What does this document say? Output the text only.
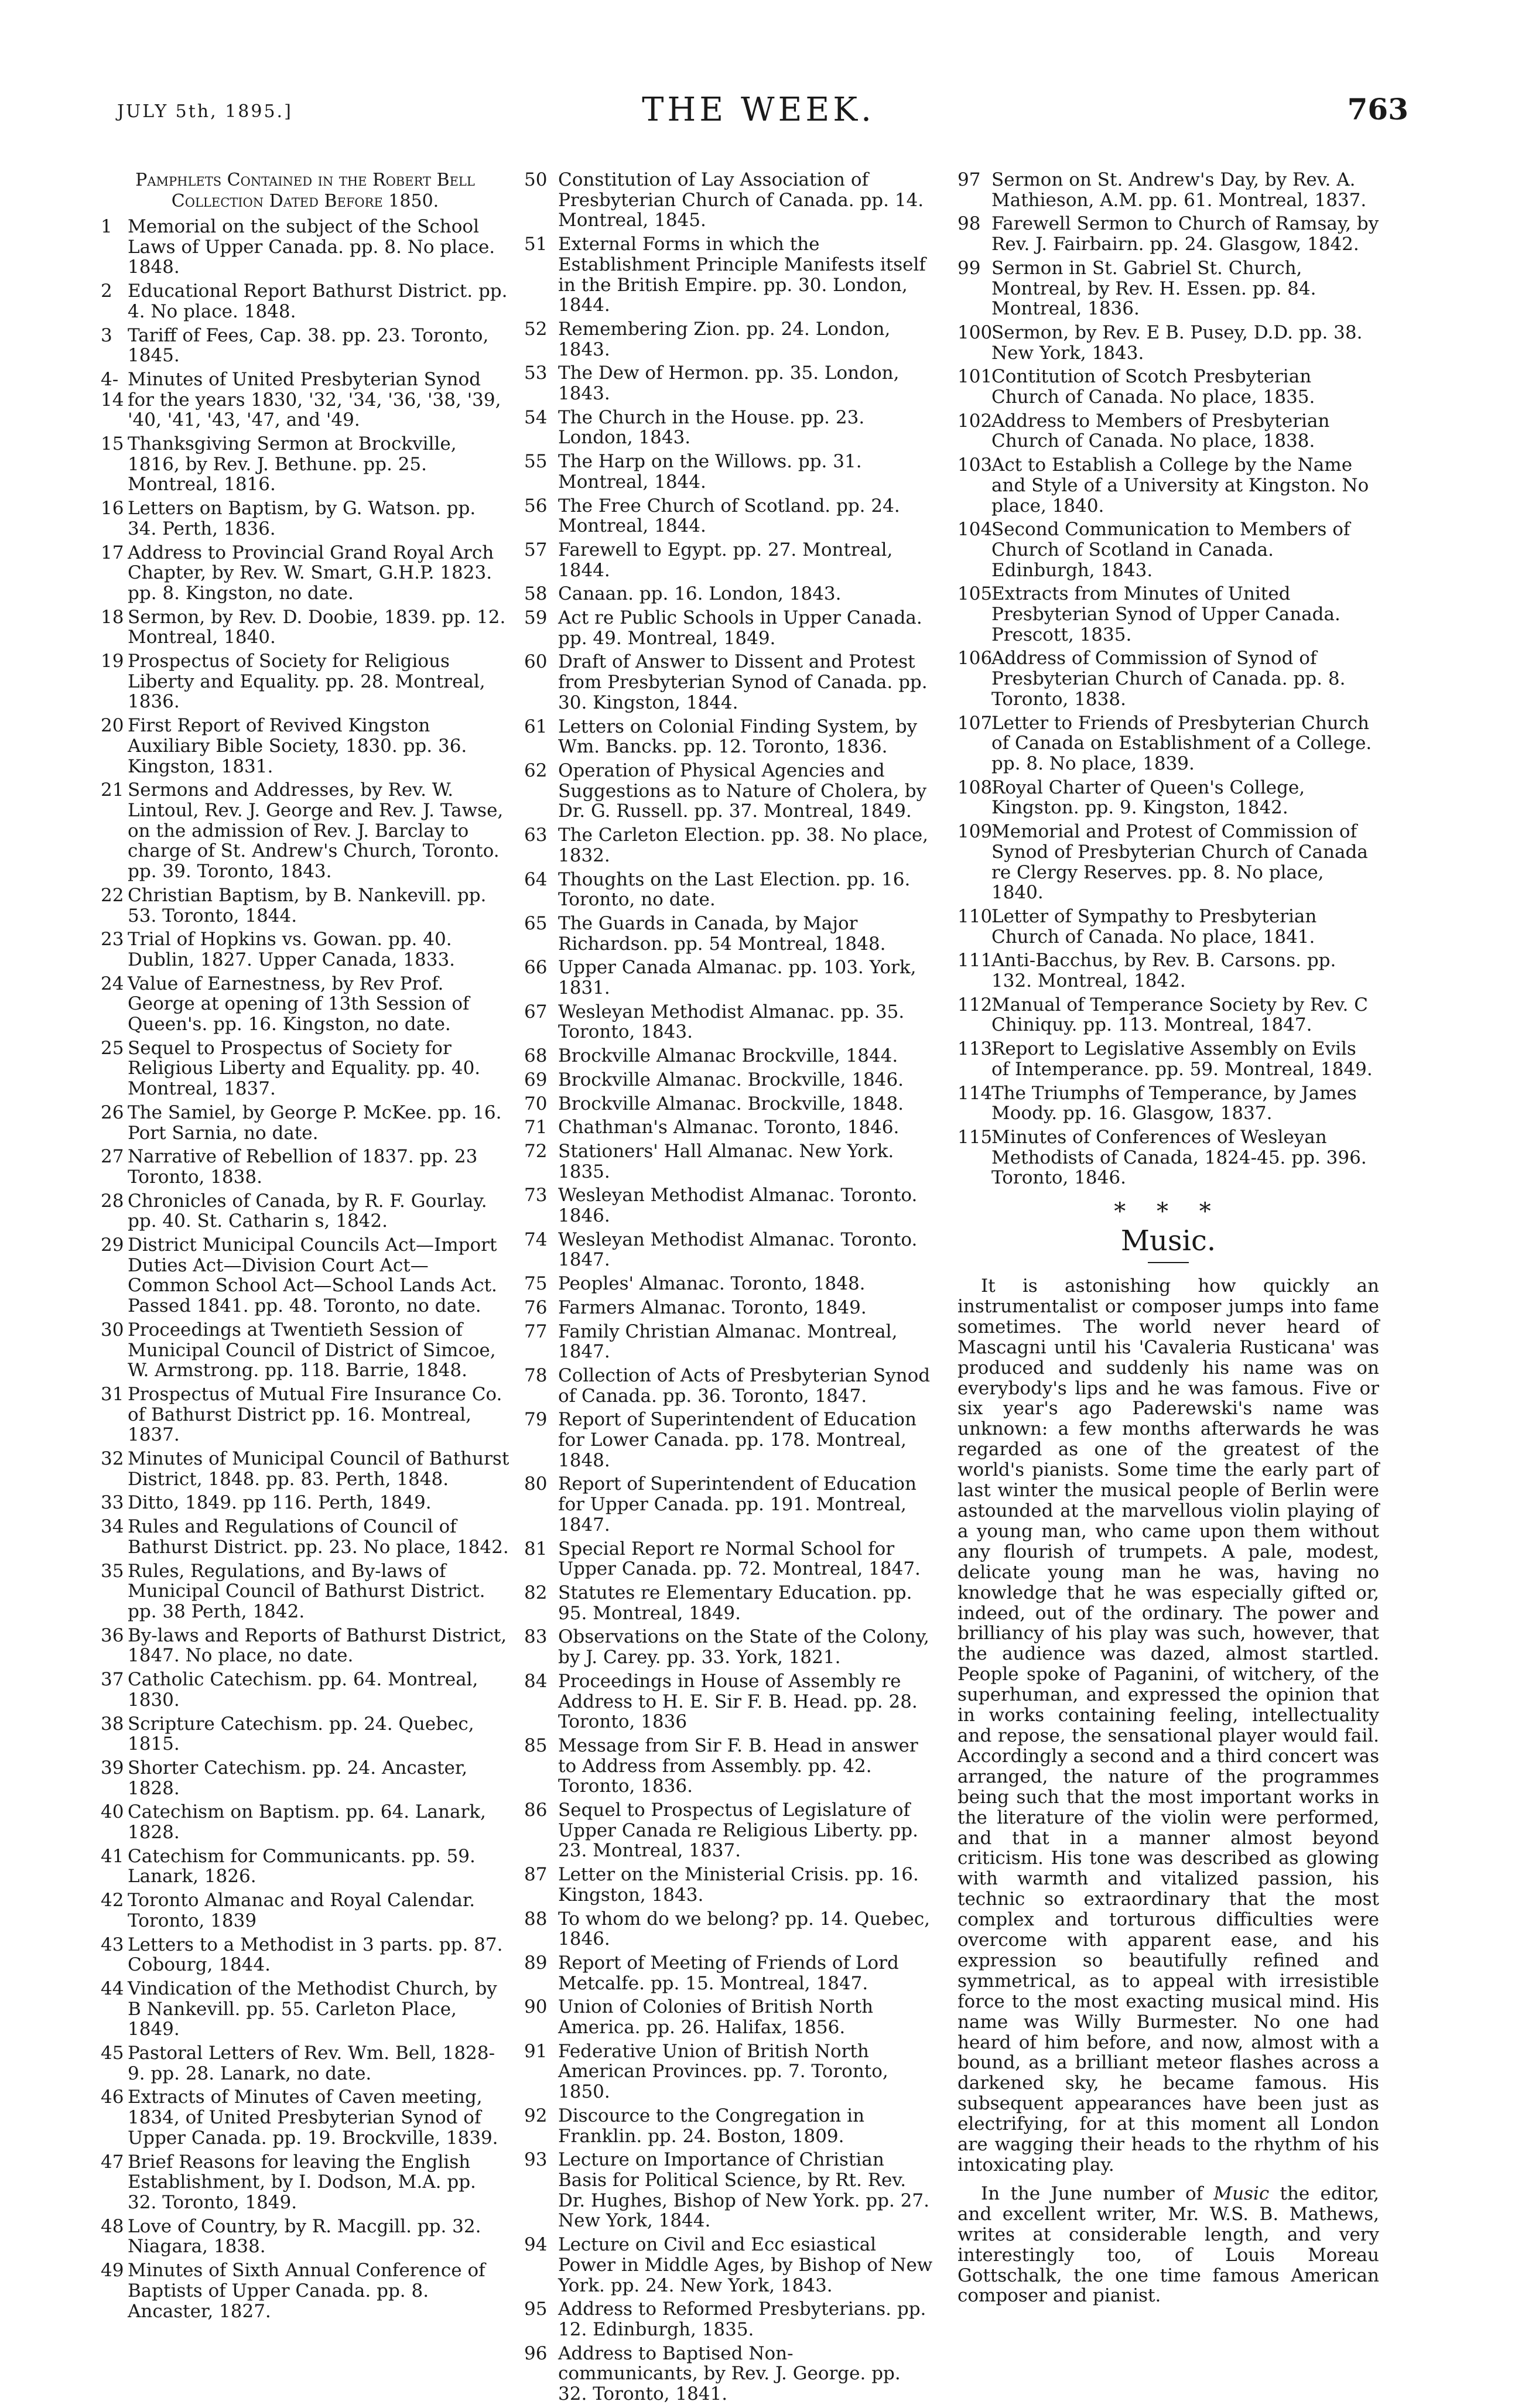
JULY 5th, 1895.]	THE WEEK.	763
Pamphlets Contained in the Robert Bell
Collection Dated Before 1850.
1 Memorial on the subject of the School Laws of Upper Canada. pp. 8. No place. 1848.
2 Educational Report Bathurst District. pp. 4. No place. 1848.
3 Tariff of Fees, Cap. 38. pp. 23. Toronto, 1845.
4-14
Minutes of United Presbyterian Synod for the years 1830, '32, '34, '36, '38, '39, '40, '41, '43, '47, and '49.
15 Thanksgiving Sermon at Brockville, 1816, by Rev. J. Bethune. pp. 25. Montreal, 1816.
16 Letters on Baptism, by G. Watson. pp. 34. Perth, 1836.
17 Address to Provincial Grand Royal Arch Chapter, by Rev. W. Smart, G.H.P. 1823. pp. 8. Kingston, no date.
18 Sermon, by Rev. D. Doobie, 1839. pp. 12. Montreal, 1840.
19 Prospectus of Society for Religious Liberty and Equality. pp. 28. Montreal, 1836.
20 First Report of Revived Kingston Auxiliary Bible Society, 1830. pp. 36. Kingston, 1831.
21 Sermons and Addresses, by Rev. W. Lintoul, Rev. J. George and Rev. J. Tawse, on the admission of Rev. J. Barclay to charge of St. Andrew's Church, Toronto. pp. 39. Toronto, 1843.
22 Christian Baptism, by B. Nankevill. pp. 53. Toronto, 1844.
23 Trial of Hopkins vs. Gowan. pp. 40. Dublin, 1827. Upper Canada, 1833.
24 Value of Earnestness, by Rev Prof. George at opening of 13th Session of Queen's. pp. 16. Kingston, no date.
25 Sequel to Prospectus of Society for Religious Liberty and Equality. pp. 40. Montreal, 1837.
26 The Samiel, by George P. McKee. pp. 16. Port Sarnia, no date.
27 Narrative of Rebellion of 1837. pp. 23 Toronto, 1838.
28 Chronicles of Canada, by R. F. Gourlay. pp. 40. St. Catharin s, 1842.
29 District Municipal Councils Act—Import Duties Act—Division Court Act—Common School Act—School Lands Act. Passed 1841. pp. 48. Toronto, no date.
30 Proceedings at Twentieth Session of Municipal Council of District of Simcoe, W. Armstrong. pp. 118. Barrie, 1848.
31 Prospectus of Mutual Fire Insurance Co. of Bathurst District pp. 16. Montreal, 1837.
32 Minutes of Municipal Council of Bathurst District, 1848. pp. 83. Perth, 1848.
33 Ditto, 1849. pp 116. Perth, 1849.
34 Rules and Regulations of Council of Bathurst District. pp. 23. No place, 1842.
35 Rules, Regulations, and By-laws of Municipal Council of Bathurst District. pp. 38 Perth, 1842.
36 By-laws and Reports of Bathurst District, 1847. No place, no date.
37 Catholic Catechism. pp. 64. Montreal, 1830.
38 Scripture Catechism. pp. 24. Quebec, 1815.
39 Shorter Catechism. pp. 24. Ancaster, 1828.
40 Catechism on Baptism. pp. 64. Lanark, 1828.
41 Catechism for Communicants. pp. 59. Lanark, 1826.
42 Toronto Almanac and Royal Calendar. Toronto, 1839
43 Letters to a Methodist in 3 parts. pp. 87. Cobourg, 1844.
44 Vindication of the Methodist Church, by B Nankevill. pp. 55. Carleton Place, 1849.
45 Pastoral Letters of Rev. Wm. Bell, 1828-9. pp. 28. Lanark, no date.
46 Extracts of Minutes of Caven meeting, 1834, of United Presbyterian Synod of Upper Canada. pp. 19. Brockville, 1839.
47 Brief Reasons for leaving the English Establishment, by I. Dodson, M.A. pp. 32. Toronto, 1849.
48 Love of Country, by R. Macgill. pp. 32. Niagara, 1838.
49 Minutes of Sixth Annual Conference of Baptists of Upper Canada. pp. 8. Ancaster, 1827.
50 Constitution of Lay Association of Presbyterian Church of Canada. pp. 14. Montreal, 1845.
51 External Forms in which the Establishment Principle Manifests itself in the British Empire. pp. 30. London, 1844.
52 Remembering Zion. pp. 24. London, 1843.
53 The Dew of Hermon. pp. 35. London, 1843.
54 The Church in the House. pp. 23. London, 1843.
55 The Harp on the Willows. pp. 31. Montreal, 1844.
56 The Free Church of Scotland. pp. 24. Montreal, 1844.
57 Farewell to Egypt. pp. 27. Montreal, 1844.
58 Canaan. pp. 16. London, 1843.
59 Act re Public Schools in Upper Canada. pp. 49. Montreal, 1849.
60 Draft of Answer to Dissent and Protest from Presbyterian Synod of Canada. pp. 30. Kingston, 1844.
61 Letters on Colonial Finding System, by Wm. Bancks. pp. 12. Toronto, 1836.
62 Operation of Physical Agencies and Suggestions as to Nature of Cholera, by Dr. G. Russell. pp. 37. Montreal, 1849.
63 The Carleton Election. pp. 38. No place, 1832.
64 Thoughts on the Last Election. pp. 16. Toronto, no date.
65 The Guards in Canada, by Major Richardson. pp. 54 Montreal, 1848.
66 Upper Canada Almanac. pp. 103. York, 1831.
67 Wesleyan Methodist Almanac. pp. 35. Toronto, 1843.
68 Brockville Almanac Brockville, 1844.
69 Brockville Almanac. Brockville, 1846.
70 Brockville Almanac. Brockville, 1848.
71 Chathman's Almanac. Toronto, 1846.
72 Stationers' Hall Almanac. New York. 1835.
73 Wesleyan Methodist Almanac. Toronto. 1846.
74 Wesleyan Methodist Almanac. Toronto. 1847.
75 Peoples' Almanac. Toronto, 1848.
76 Farmers Almanac. Toronto, 1849.
77 Family Christian Almanac. Montreal, 1847.
78 Collection of Acts of Presbyterian Synod of Canada. pp. 36. Toronto, 1847.
79 Report of Superintendent of Education for Lower Canada. pp. 178. Montreal, 1848.
80 Report of Superintendent of Education for Upper Canada. pp. 191. Montreal, 1847.
81 Special Report re Normal School for Upper Canada. pp. 72. Montreal, 1847.
82 Statutes re Elementary Education. pp. 95. Montreal, 1849.
83 Observations on the State of the Colony, by J. Carey. pp. 33. York, 1821.
84 Proceedings in House of Assembly re Address to H. E. Sir F. B. Head. pp. 28. Toronto, 1836
85 Message from Sir F. B. Head in answer to Address from Assembly. pp. 42. Toronto, 1836.
86 Sequel to Prospectus of Legislature of Upper Canada re Religious Liberty. pp. 23. Montreal, 1837.
87 Letter on the Ministerial Crisis. pp. 16. Kingston, 1843.
88 To whom do we belong? pp. 14. Quebec, 1846.
89 Report of Meeting of Friends of Lord Metcalfe. pp. 15. Montreal, 1847.
90 Union of Colonies of British North America. pp. 26. Halifax, 1856.
91 Federative Union of British North American Provinces. pp. 7. Toronto, 1850.
92 Discource to the Congregation in Franklin. pp. 24. Boston, 1809.
93 Lecture on Importance of Christian Basis for Political Science, by Rt. Rev. Dr. Hughes, Bishop of New York. pp. 27. New York, 1844.
94 Lecture on Civil and Ecc esiastical Power in Middle Ages, by Bishop of New York. pp. 24. New York, 1843.
95 Address to Reformed Presbyterians. pp. 12. Edinburgh, 1835.
96 Address to Baptised Non-communicants, by Rev. J. George. pp. 32. Toronto, 1841.
97 Sermon on St. Andrew's Day, by Rev. A. Mathieson, A.M. pp. 61. Montreal, 1837.
98 Farewell Sermon to Church of Ramsay, by Rev. J. Fairbairn. pp. 24. Glasgow, 1842.
99 Sermon in St. Gabriel St. Church, Montreal, by Rev. H. Essen. pp. 84. Montreal, 1836.
100
Sermon, by Rev. E B. Pusey, D.D. pp. 38. New York, 1843.
101
Contitution of Scotch Presbyterian Church of Canada. No place, 1835.
102
Address to Members of Presbyterian Church of Canada. No place, 1838.
103
Act to Establish a College by the Name and Style of a University at Kingston. No place, 1840.
104
Second Communication to Members of Church of Scotland in Canada. Edinburgh, 1843.
105
Extracts from Minutes of United Presbyterian Synod of Upper Canada. Prescott, 1835.
106
Address of Commission of Synod of Presbyterian Church of Canada. pp. 8. Toronto, 1838.
107
Letter to Friends of Presbyterian Church of Canada on Establishment of a College. pp. 8. No place, 1839.
108
Royal Charter of Queen's College, Kingston. pp. 9. Kingston, 1842.
109
Memorial and Protest of Commission of Synod of Presbyterian Church of Canada re Clergy Reserves. pp. 8. No place, 1840.
110
Letter of Sympathy to Presbyterian Church of Canada. No place, 1841.
111
Anti-Bacchus, by Rev. B. Carsons. pp. 132. Montreal, 1842.
112
Manual of Temperance Society by Rev. C Chiniquy. pp. 113. Montreal, 1847.
113
Report to Legislative Assembly on Evils of Intemperance. pp. 59. Montreal, 1849.
114
The Triumphs of Temperance, by James Moody. pp. 16. Glasgow, 1837.
115
Minutes of Conferences of Wesleyan Methodists of Canada, 1824-45. pp. 396. Toronto, 1846.
* * *
Music.

It is astonishing how quickly an instrumentalist or composer jumps into fame sometimes. The world never heard of Mascagni until his 'Cavaleria Rusticana' was produced and suddenly his name was on everybody's lips and he was famous. Five or six year's ago Paderewski's name was unknown: a few months afterwards he was regarded as one of the greatest of the world's pianists. Some time the early part of last winter the musical people of Berlin were astounded at the marvellous violin playing of a young man, who came upon them without any flourish of trumpets. A pale, modest, delicate young man he was, having no knowledge that he was especially gifted or, indeed, out of the ordinary. The power and brilliancy of his play was such, however, that the audience was dazed, almost startled. People spoke of Paganini, of witchery, of the superhuman, and expressed the opinion that in works containing feeling, intellectuality and repose, the sensational player would fail. Accordingly a second and a third concert was arranged, the nature of the programmes being such that the most important works in the literature of the violin were performed, and that in a manner almost beyond criticism. His tone was described as glowing with warmth and vitalized passion, his technic so extraordinary that the most complex and torturous difficulties were overcome with apparent ease, and his expression so beautifully refined and symmetrical, as to appeal with irresistible force to the most exacting musical mind. His name was Willy Burmester. No one had heard of him before, and now, almost with a bound, as a brilliant meteor flashes across a darkened sky, he became famous. His subsequent appearances have been just as electrifying, for at this moment all London are wagging their heads to the rhythm of his intoxicating play.

In the June number of Music the editor, and excellent writer, Mr. W.S. B. Mathews, writes at considerable length, and very interestingly too, of Louis Moreau Gottschalk, the one time famous American composer and pianist.
